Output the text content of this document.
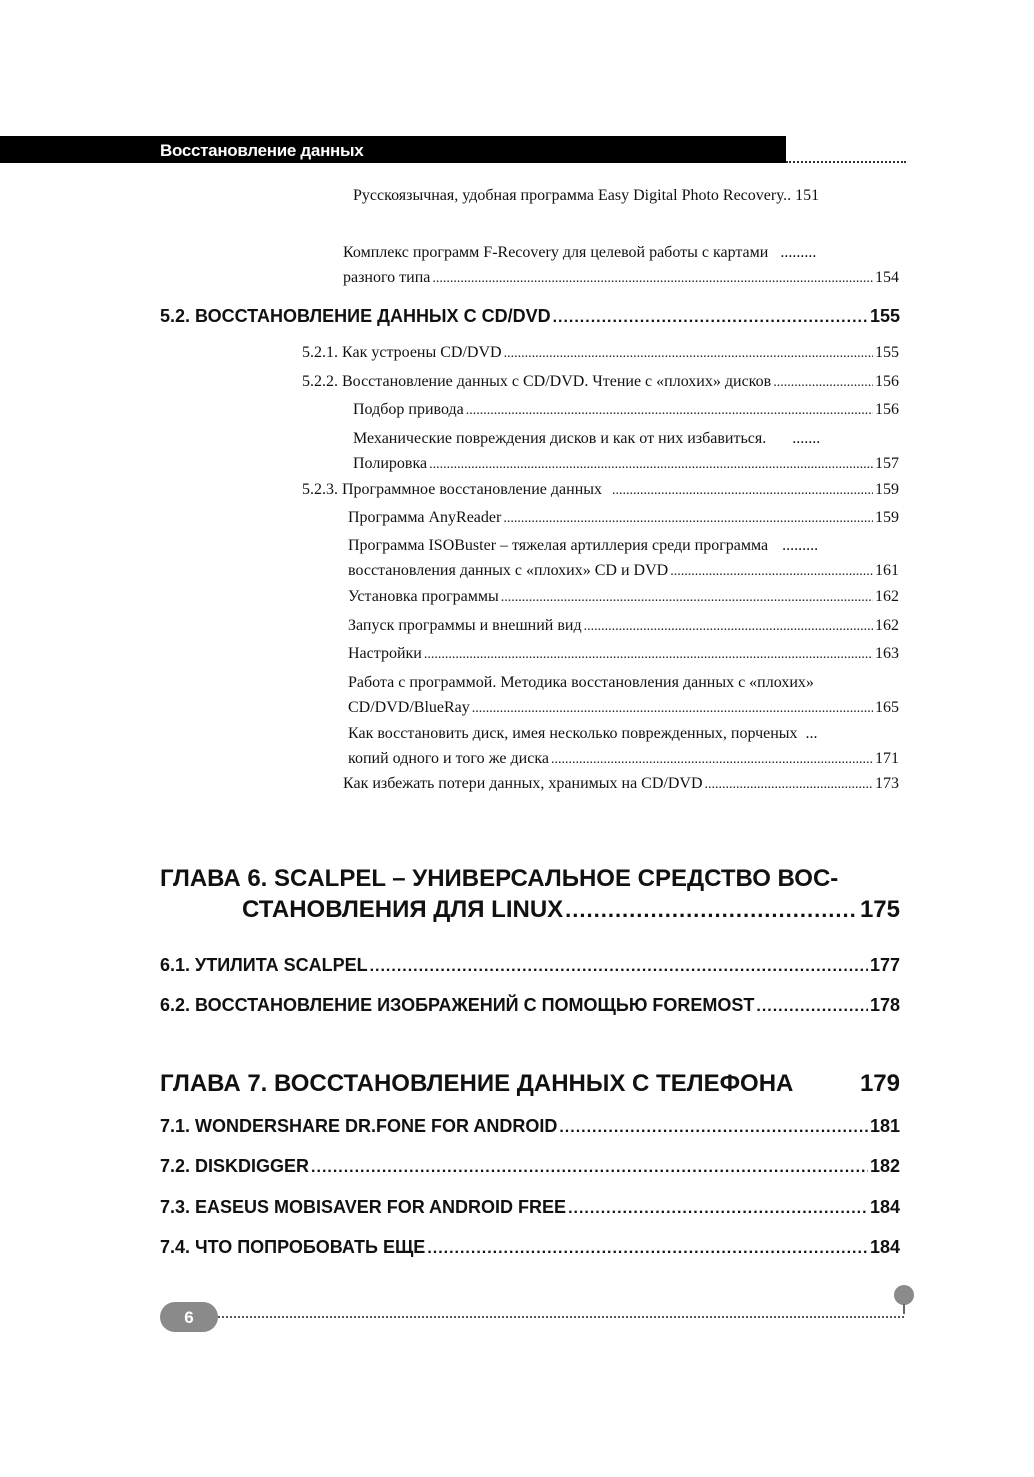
Восстановление данных
Русскоязычная, удобная программа Easy Digital Photo Recovery.. 151
Комплекс программ F-Recovery для целевой работы с картами .........
разного типа .....	154
5.2. ВОССТАНОВЛЕНИЕ ДАННЫХ С CD/DVD .....	155
5.2.1. Как устроены CD/DVD .....	155
5.2.2. Восстановление данных с CD/DVD. Чтение с «плохих» дисков .....	156
Подбор привода .....	156
Механические повреждения дисков и как от них избавиться. .......
Полировка .....	157
5.2.3. Программное восстановление данных .....	159
Программа AnyReader .....	159
Программа ISOBuster – тяжелая артиллерия среди программа .........
восстановления данных с «плохих» CD и DVD .....	161
Установка программы .....	162
Запуск программы и внешний вид .....	162
Настройки .....	163
Работа с программой. Методика восстановления данных с «плохих»
CD/DVD/BlueRay .....	165
Как восстановить диск, имея несколько поврежденных, порченых ...
копий одного и того же диска .....	171
Как избежать потери данных, хранимых на CD/DVD .....	173
ГЛАВА 6. SCALPEL – УНИВЕРСАЛЬНОЕ СРЕДСТВО ВОС-
СТАНОВЛЕНИЯ ДЛЯ LINUX .....	175
6.1. УТИЛИТА SCALPEL .....	177
6.2. ВОССТАНОВЛЕНИЕ ИЗОБРАЖЕНИЙ С ПОМОЩЬЮ FOREMOST .....	178
ГЛАВА 7. ВОССТАНОВЛЕНИЕ ДАННЫХ С ТЕЛЕФОНА	179
7.1. WONDERSHARE DR.FONE FOR ANDROID .....	181
7.2. DISKDIGGER .....	182
7.3. EASEUS MOBISAVER FOR ANDROID FREE .....	184
7.4. ЧТО ПОПРОБОВАТЬ ЕЩЕ .....	184
6
